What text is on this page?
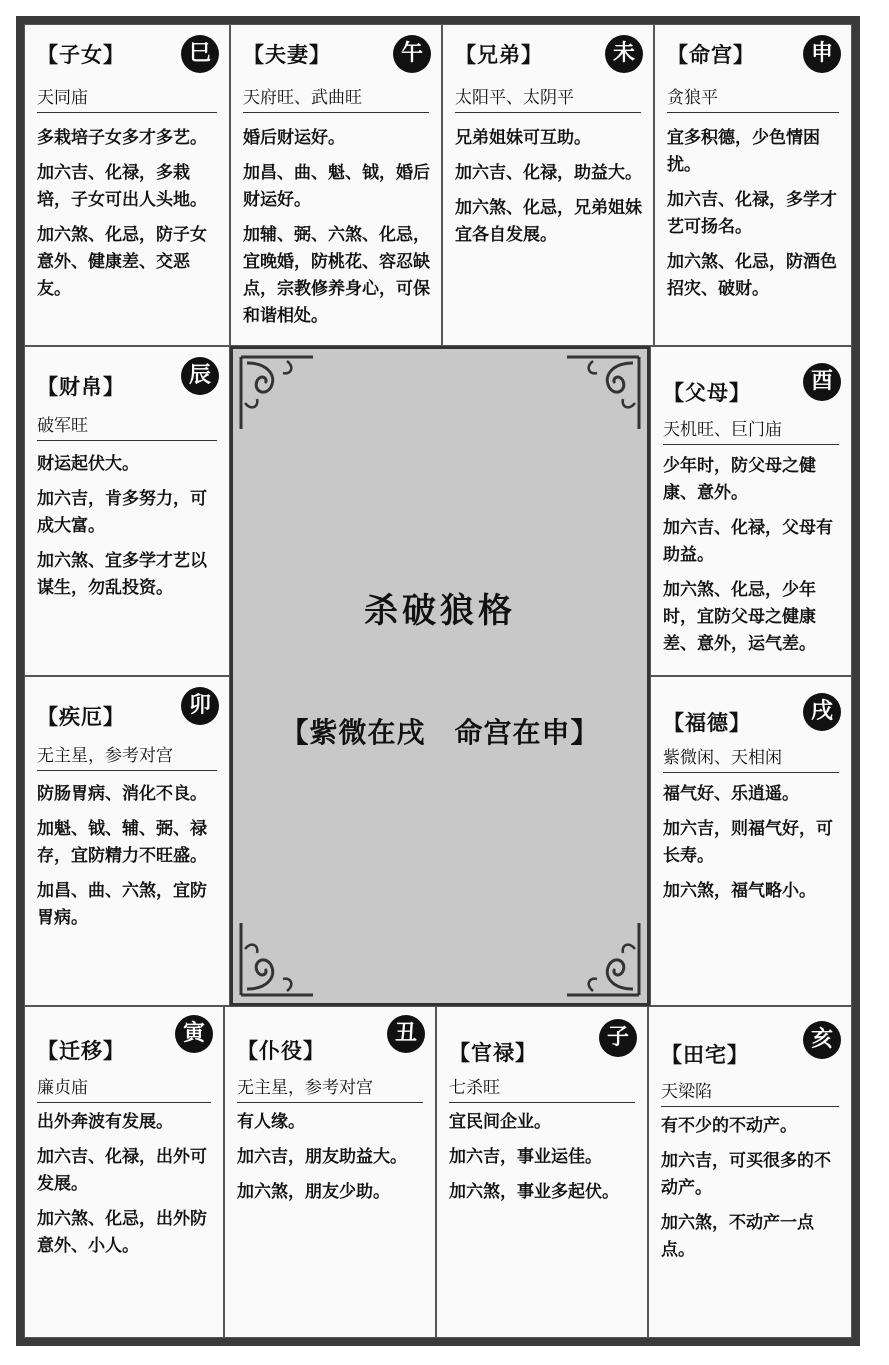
【子女】	巳
天同庙

多栽培子女多才多艺。

加六吉、化禄，多栽培，子女可出人头地。

加六煞、化忌，防子女意外、健康差、交恶友。

【夫妻】	午
天府旺、武曲旺

婚后财运好。

加昌、曲、魁、钺，婚后财运好。

加辅、弼、六煞、化忌，宜晚婚，防桃花、容忍缺点，宗教修养身心，可保和谐相处。

【兄弟】	未
太阳平、太阴平

兄弟姐妹可互助。

加六吉、化禄，助益大。

加六煞、化忌，兄弟姐妹宜各自发展。

【命宫】	申
贪狼平

宜多积德，少色情困扰。

加六吉、化禄，多学才艺可扬名。

加六煞、化忌，防酒色招灾、破财。

【财帛】	辰
破军旺

财运起伏大。

加六吉，肯多努力，可成大富。

加六煞、宜多学才艺以谋生，勿乱投资。

【疾厄】	卯
无主星，参考对宫

防肠胃病、消化不良。

加魁、钺、辅、弼、禄存，宜防精力不旺盛。

加昌、曲、六煞，宜防胃病。

【父母】	酉
天机旺、巨门庙

少年时，防父母之健康、意外。

加六吉、化禄，父母有助益。

加六煞、化忌，少年时，宜防父母之健康差、意外，运气差。

【福德】	戌
紫微闲、天相闲

福气好、乐逍遥。

加六吉，则福气好，可长寿。

加六煞，福气略小。

杀破狼格
【紫微在戌　命宫在申】
【迁移】
寅
廉贞庙

出外奔波有发展。

加六吉、化禄，出外可发展。

加六煞、化忌，出外防意外、小人。

【仆役】
丑
无主星，参考对宫

有人缘。

加六吉，朋友助益大。

加六煞，朋友少助。

【官禄】
子
七杀旺

宜民间企业。

加六吉，事业运佳。

加六煞，事业多起伏。

【田宅】
亥
天梁陷

有不少的不动产。

加六吉，可买很多的不动产。

加六煞，不动产一点点。
